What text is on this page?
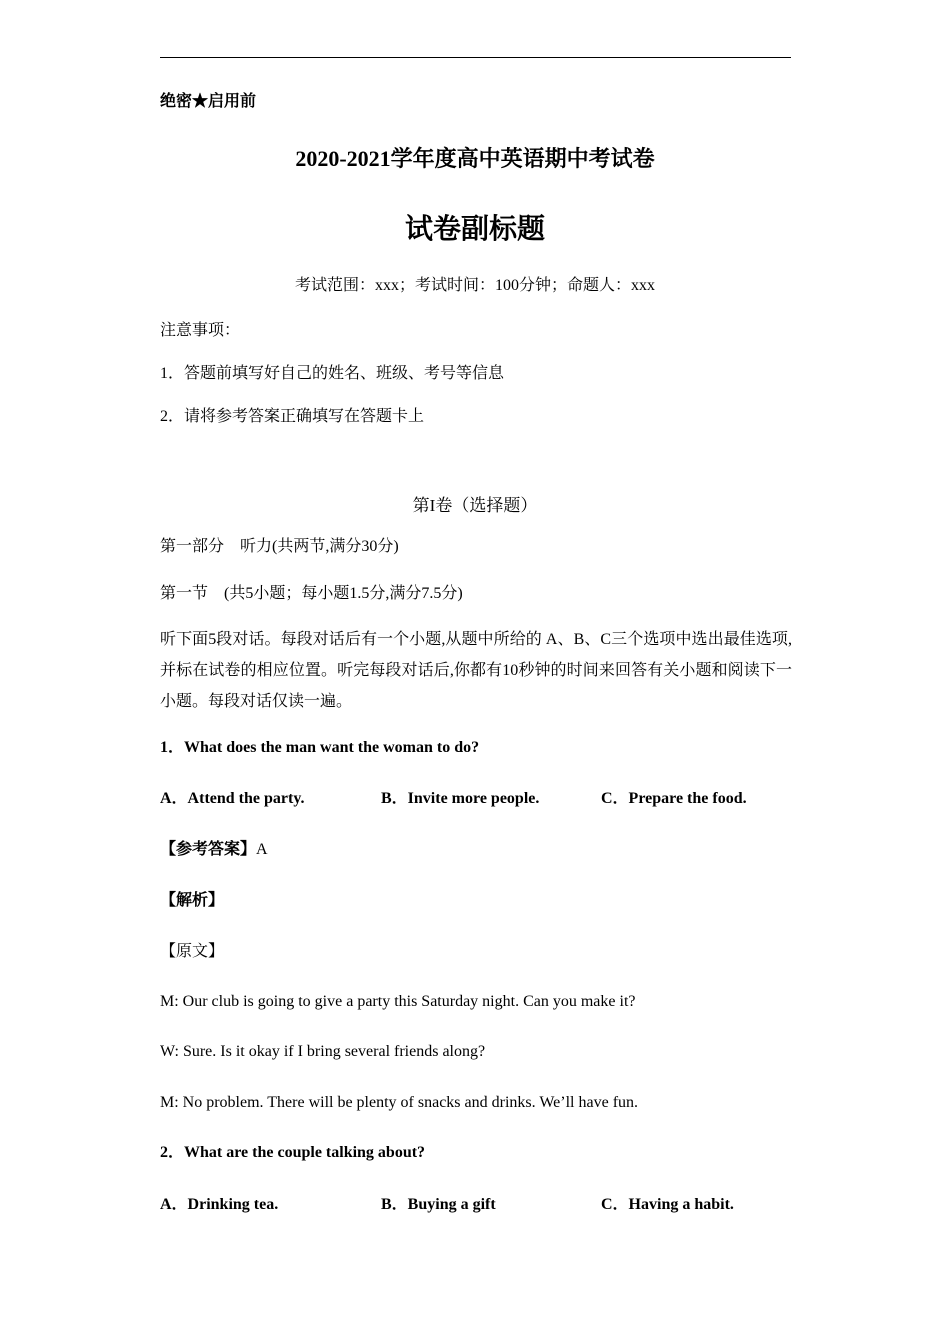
绝密★启用前
2020-2021学年度高中英语期中考试卷
试卷副标题
考试范围：xxx；考试时间：100分钟；命题人：xxx
注意事项：
1．答题前填写好自己的姓名、班级、考号等信息
2．请将参考答案正确填写在答题卡上
第I卷（选择题）
第一部分　听力(共两节,满分30分)
第一节　(共5小题；每小题1.5分,满分7.5分)
听下面5段对话。每段对话后有一个小题,从题中所给的 A、B、C三个选项中选出最佳选项,并标在试卷的相应位置。听完每段对话后,你都有10秒钟的时间来回答有关小题和阅读下一小题。每段对话仅读一遍。
1．What does the man want the woman to do?
A．Attend the party.	B．Invite more people.	C．Prepare the food.
【参考答案】A
【解析】
【原文】
M: Our club is going to give a party this Saturday night. Can you make it?
W: Sure. Is it okay if I bring several friends along?
M: No problem. There will be plenty of snacks and drinks. We’ll have fun.
2．What are the couple talking about?
A．Drinking tea.	B．Buying a gift	C．Having a habit.
